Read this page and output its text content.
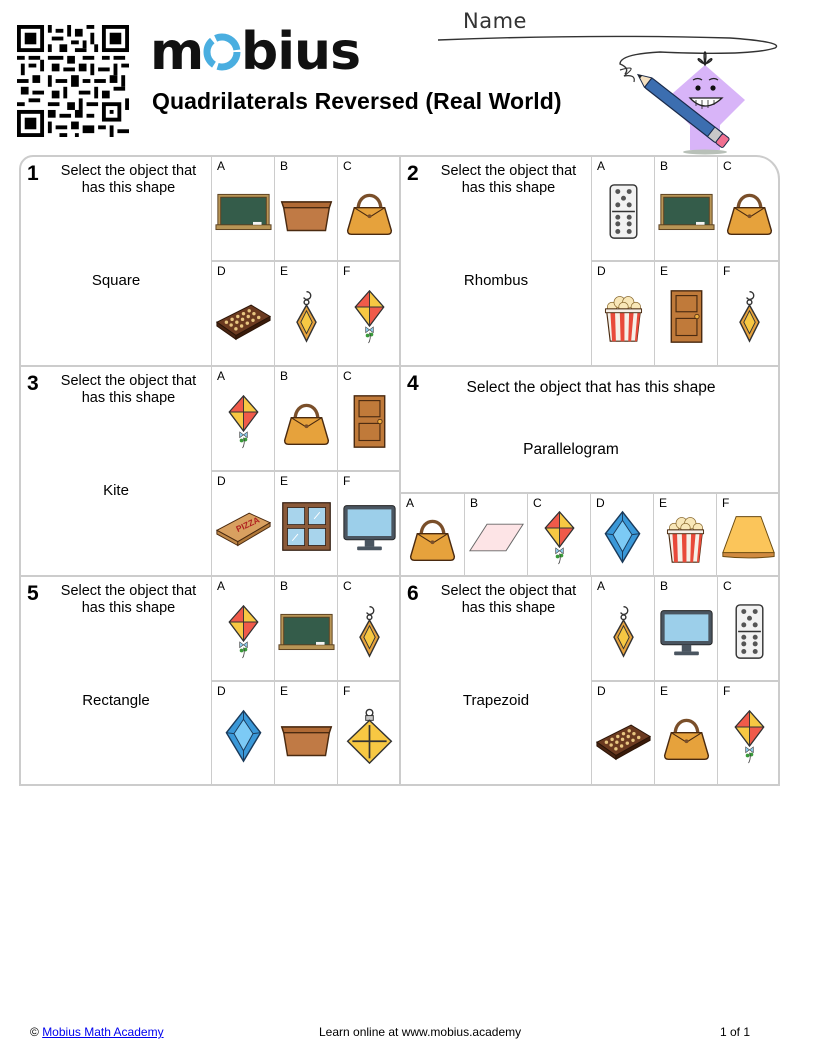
m bius
Quadrilaterals Reversed (Real World)
Name
1	Select the object that has this shape
Square
A	B	C
D	E	F
2	Select the object that has this shape
Rhombus
A	B	C
D	E	F
3	Select the object that has this shape
Kite
A	B	C
D	E	F
4	Select the object that has this shape
Parallelogram
A	B	C	D	E	F
5	Select the object that has this shape
Rectangle
A	B	C
D	E	F
6	Select the object that has this shape
Trapezoid
A	B	C
D	E	F
© Mobius Math Academy	Learn online at www.mobius.academy	1 of 1
